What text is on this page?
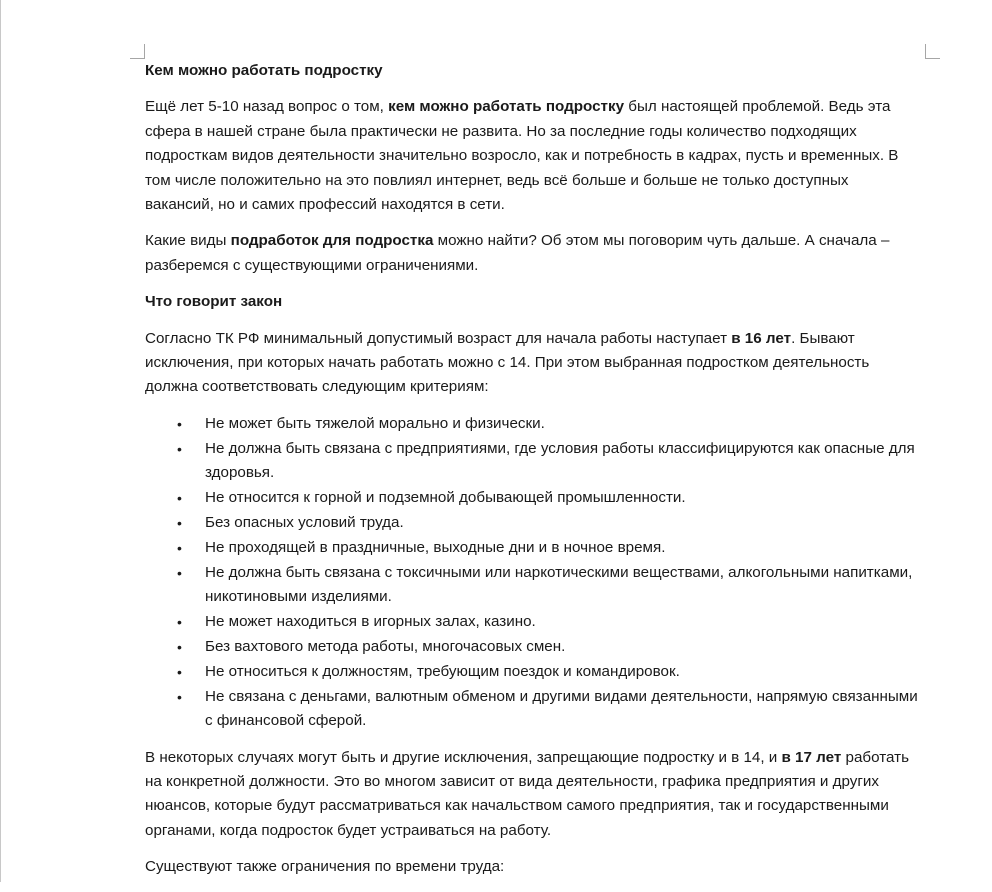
Кем можно работать подростку

Ещё лет 5-10 назад вопрос о том, кем можно работать подростку был настоящей проблемой. Ведь эта сфера в нашей стране была практически не развита. Но за последние годы количество подходящих подросткам видов деятельности значительно возросло, как и потребность в кадрах, пусть и временных. В том числе положительно на это повлиял интернет, ведь всё больше и больше не только доступных вакансий, но и самих профессий находятся в сети.

Какие виды подработок для подростка можно найти? Об этом мы поговорим чуть дальше. А сначала – разберемся с существующими ограничениями.

Что говорит закон

Согласно ТК РФ минимальный допустимый возраст для начала работы наступает в 16 лет. Бывают исключения, при которых начать работать можно с 14. При этом выбранная подростком деятельность должна соответствовать следующим критериям:

• Не может быть тяжелой морально и физически.
• Не должна быть связана с предприятиями, где условия работы классифицируются как опасные для здоровья.
• Не относится к горной и подземной добывающей промышленности.
• Без опасных условий труда.
• Не проходящей в праздничные, выходные дни и в ночное время.
• Не должна быть связана с токсичными или наркотическими веществами, алкогольными напитками, никотиновыми изделиями.
• Не может находиться в игорных залах, казино.
• Без вахтового метода работы, многочасовых смен.
• Не относиться к должностям, требующим поездок и командировок.
• Не связана с деньгами, валютным обменом и другими видами деятельности, напрямую связанными с финансовой сферой.

В некоторых случаях могут быть и другие исключения, запрещающие подростку и в 14, и в 17 лет работать на конкретной должности. Это во многом зависит от вида деятельности, графика предприятия и других нюансов, которые будут рассматриваться как начальством самого предприятия, так и государственными органами, когда подросток будет устраиваться на работу.

Существуют также ограничения по времени труда:
